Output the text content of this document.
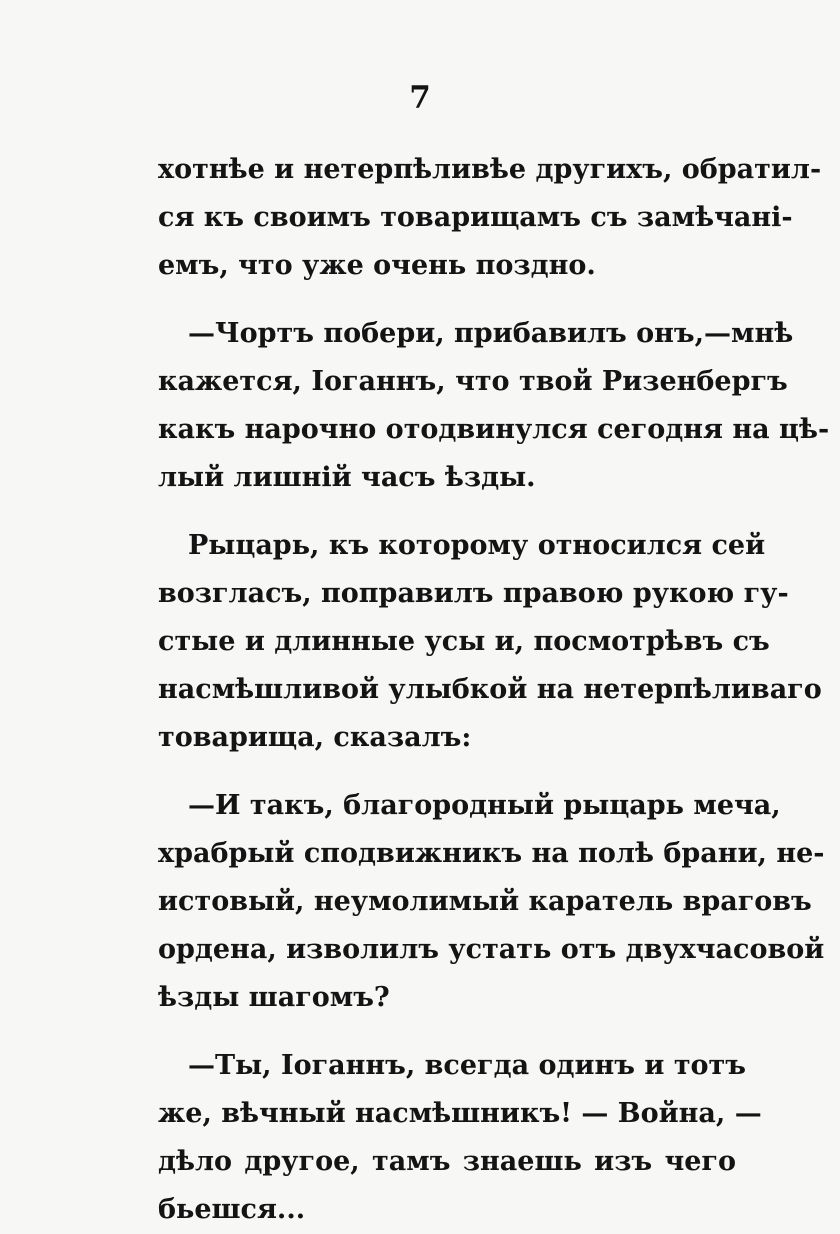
7
хотнѣе и нетерпѣливѣе другихъ, обратил-
ся къ своимъ товарищамъ съ замѣчанi-
емъ, что уже очень поздно.
—Чортъ побери, прибавилъ онъ,—мнѣ
кажется, Iоганнъ, что твой Ризенбергъ
какъ нарочно отодвинулся сегодня на цѣ-
лый лишнiй часъ ѣзды.
Рыцарь, къ которому относился сей
возгласъ, поправилъ правою рукою гу-
стые и длинные усы и, посмотрѣвъ съ
насмѣшливой улыбкой на нетерпѣливаго
товарища, сказалъ:
—И такъ, благородный рыцарь меча,
храбрый сподвижникъ на полѣ брани, не-
истовый, неумолимый каратель враговъ
ордена, изволилъ устать отъ двухчасовой
ѣзды шагомъ?
—Ты, Iоганнъ, всегда одинъ и тотъ
же, вѣчный насмѣшникъ! — Война, —
дѣло другое, тамъ знаешь изъ чего
бьешся...
